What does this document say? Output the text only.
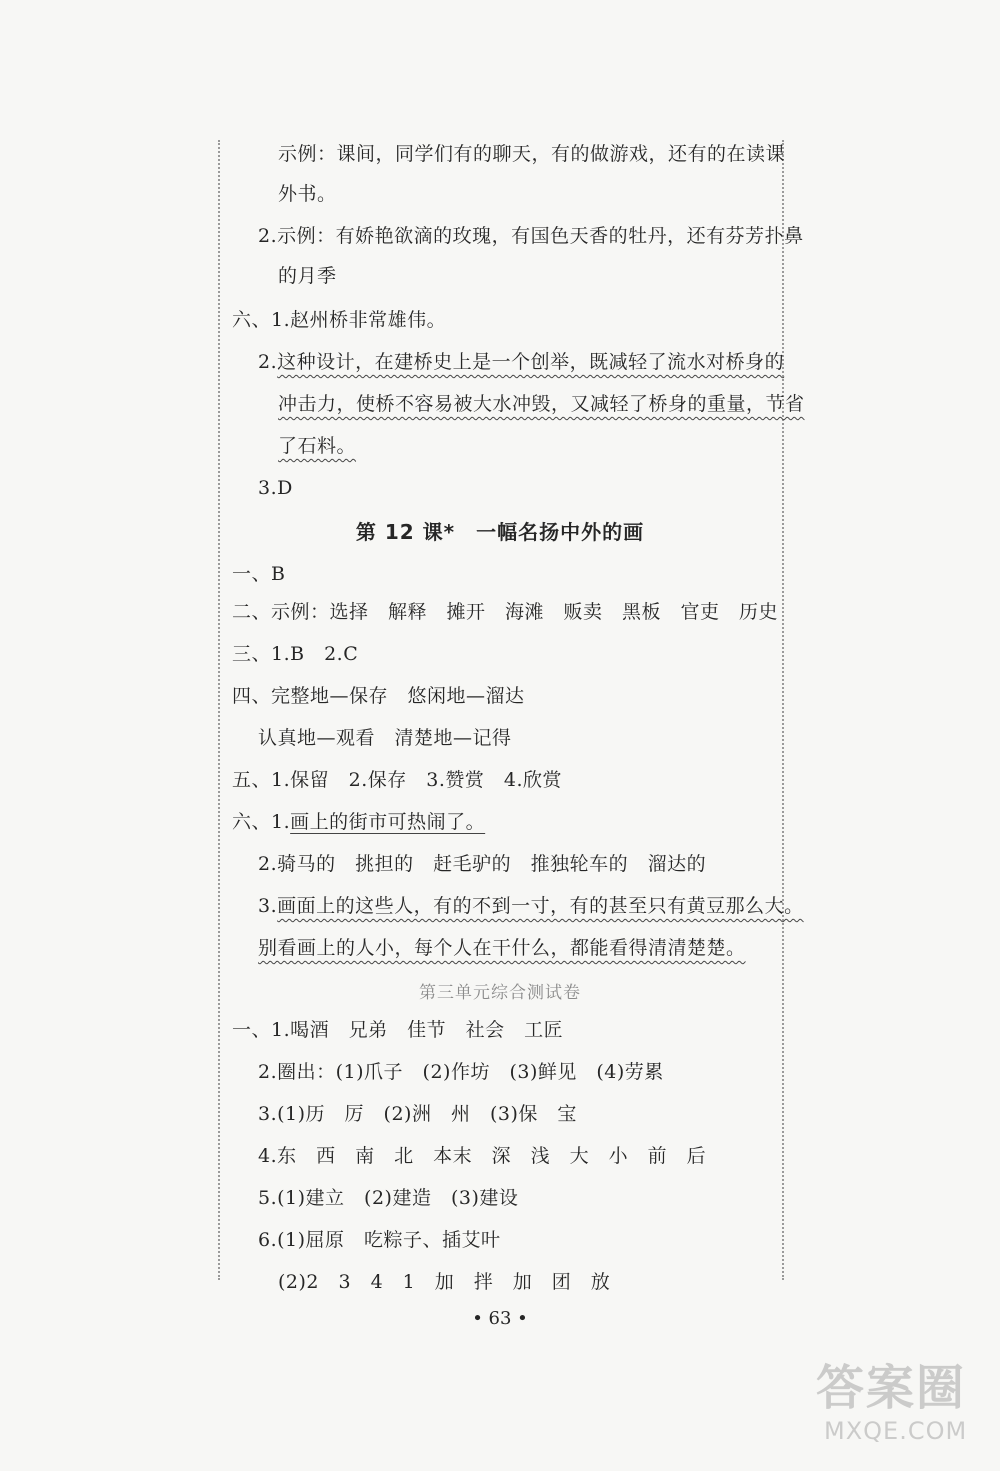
示例：课间，同学们有的聊天，有的做游戏，还有的在读课
外书。
2.示例：有娇艳欲滴的玫瑰，有国色天香的牡丹，还有芬芳扑鼻
的月季
六、1.赵州桥非常雄伟。
2.这种设计，在建桥史上是一个创举，既减轻了流水对桥身的
冲击力，使桥不容易被大水冲毁，又减轻了桥身的重量，节省
了石料。
3.D
第 12 课*　一幅名扬中外的画
一、B
二、示例：选择　解释　摊开　海滩　贩卖　黑板　官吏　历史
三、1.B　2.C
四、完整地—保存　悠闲地—溜达
认真地—观看　清楚地—记得
五、1.保留　2.保存　3.赞赏　4.欣赏
六、1.画上的街市可热闹了。
2.骑马的　挑担的　赶毛驴的　推独轮车的　溜达的
3.画面上的这些人，有的不到一寸，有的甚至只有黄豆那么大。
别看画上的人小，每个人在干什么，都能看得清清楚楚。
第三单元综合测试卷
一、1.喝酒　兄弟　佳节　社会　工匠
2.圈出：(1)爪子　(2)作坊　(3)鲜见　(4)劳累
3.(1)历　厉　(2)洲　州　(3)保　宝
4.东　西　南　北　本末　深　浅　大　小　前　后
5.(1)建立　(2)建造　(3)建设
6.(1)屈原　吃粽子、插艾叶
(2)2　3　4　1　加　拌　加　团　放
• 63 •
答案圈
MXQE.COM
